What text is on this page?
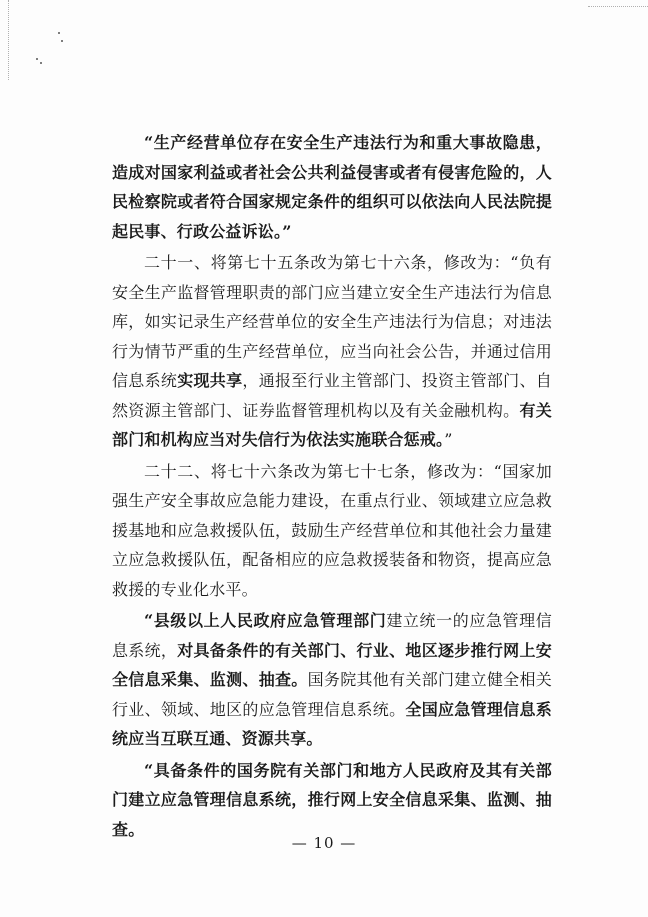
“生产经营单位存在安全生产违法行为和重大事故隐患，造成对国家利益或者社会公共利益侵害或者有侵害危险的，人民检察院或者符合国家规定条件的组织可以依法向人民法院提起民事、行政公益诉讼。”

二十一、将第七十五条改为第七十六条，修改为：“负有安全生产监督管理职责的部门应当建立安全生产违法行为信息库，如实记录生产经营单位的安全生产违法行为信息；对违法行为情节严重的生产经营单位，应当向社会公告，并通过信用信息系统实现共享，通报至行业主管部门、投资主管部门、自然资源主管部门、证券监督管理机构以及有关金融机构。有关部门和机构应当对失信行为依法实施联合惩戒。”

二十二、将七十六条改为第七十七条，修改为：“国家加强生产安全事故应急能力建设，在重点行业、领域建立应急救援基地和应急救援队伍，鼓励生产经营单位和其他社会力量建立应急救援队伍，配备相应的应急救援装备和物资，提高应急救援的专业化水平。

“县级以上人民政府应急管理部门建立统一的应急管理信息系统，对具备条件的有关部门、行业、地区逐步推行网上安全信息采集、监测、抽查。国务院其他有关部门建立健全相关行业、领域、地区的应急管理信息系统。全国应急管理信息系统应当互联互通、资源共享。

“具备条件的国务院有关部门和地方人民政府及其有关部门建立应急管理信息系统，推行网上安全信息采集、监测、抽查。

— 10 —
